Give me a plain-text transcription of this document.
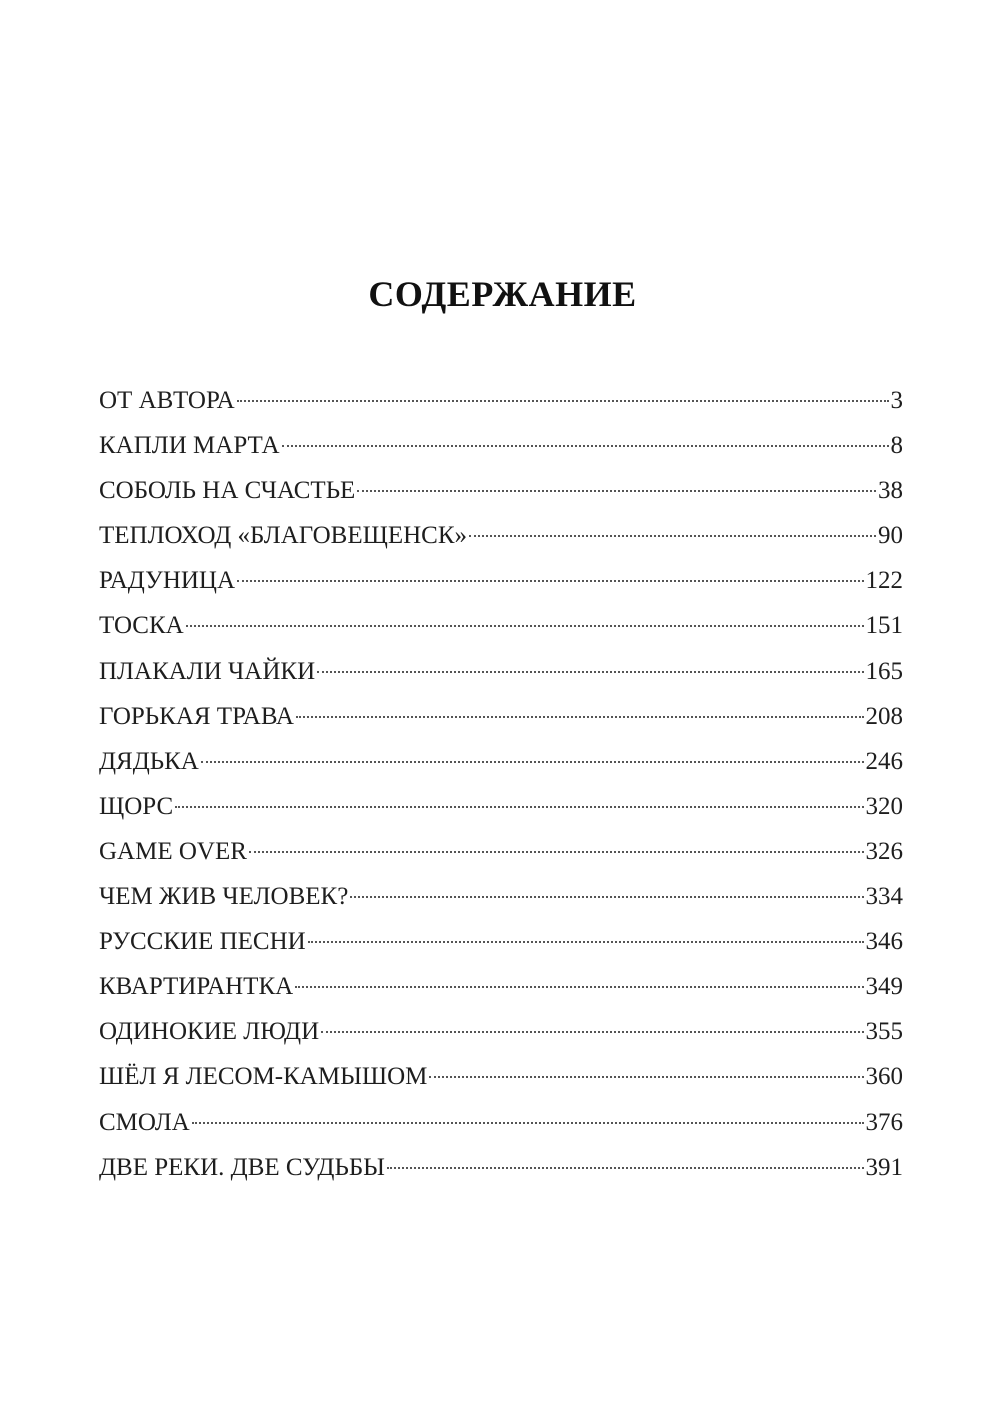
СОДЕРЖАНИЕ
ОТ АВТОРА	3
КАПЛИ МАРТА	8
СОБОЛЬ НА СЧАСТЬЕ	38
ТЕПЛОХОД «БЛАГОВЕЩЕНСК»	90
РАДУНИЦА	122
ТОСКА	151
ПЛАКАЛИ ЧАЙКИ	165
ГОРЬКАЯ ТРАВА	208
ДЯДЬКА	246
ЩОРС	320
GAME OVER	326
ЧЕМ ЖИВ ЧЕЛОВЕК?	334
РУССКИЕ ПЕСНИ	346
КВАРТИРАНТКА	349
ОДИНОКИЕ ЛЮДИ	355
ШЁЛ Я ЛЕСОМ-КАМЫШОМ	360
СМОЛА	376
ДВЕ РЕКИ. ДВЕ СУДЬБЫ	391
